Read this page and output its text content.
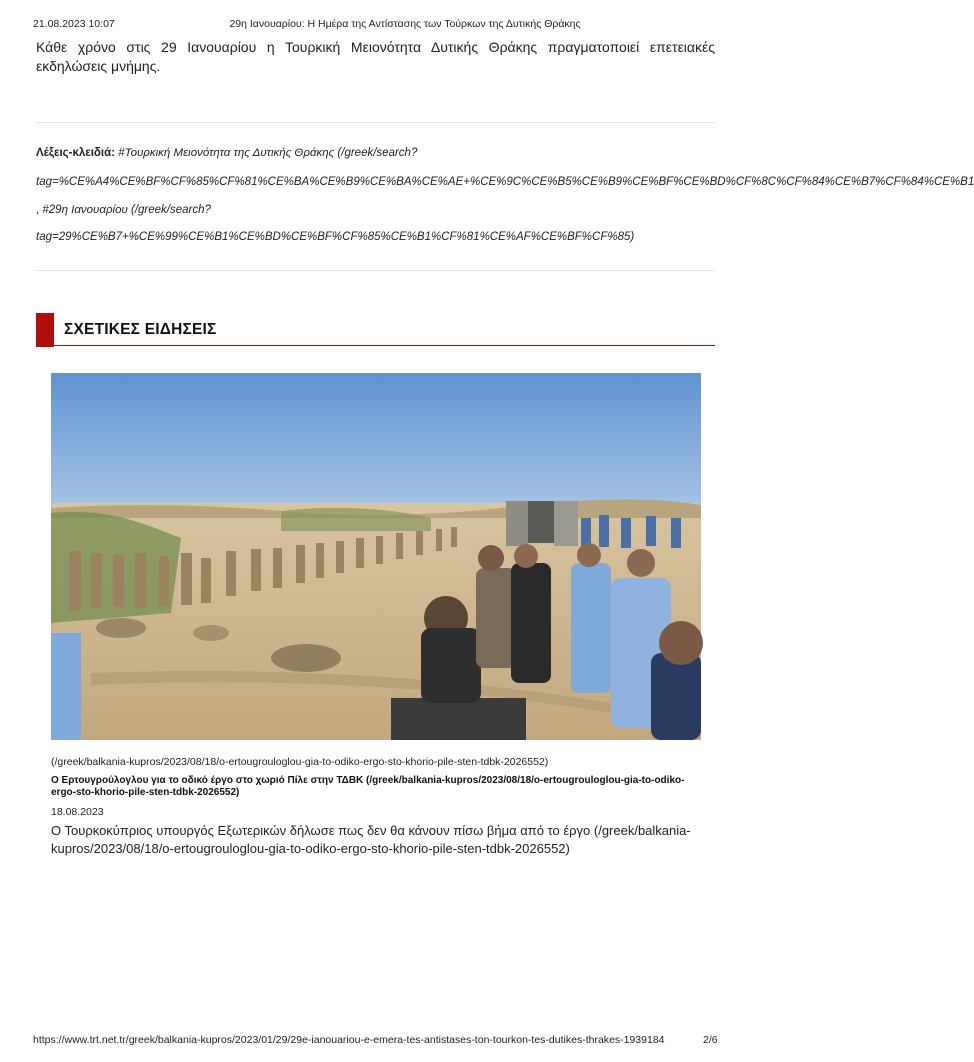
21.08.2023 10:07	29η Ιανουαρίου: Η Ημέρα της Αντίστασης των Τούρκων της Δυτικής Θράκης

Κάθε χρόνο στις 29 Ιανουαρίου η Τουρκική Μειονότητα Δυτικής Θράκης πραγματοποιεί επετειακές εκδηλώσεις μνήμης.

Λέξεις-κλειδιά: #Τουρκική Μειονότητα της Δυτικής Θράκης (/greek/search?
tag=%CE%A4%CE%BF%CF%85%CF%81%CE%BA%CE%B9%CE%BA%CE%AE+%CE%9C%CE%B5%CE%B9%CE%BF%CE%BD%CF%8C%CF%84%CE%B7%CF%84%CE%B1
, #29η Ιανουαρίου (/greek/search?
tag=29%CE%B7+%CE%99%CE%B1%CE%BD%CE%BF%CF%85%CE%B1%CF%81%CE%AF%CE%BF%CF%85)
ΣΧΕΤΙΚΕΣ ΕΙΔΗΣΕΙΣ
(/greek/balkania-kupros/2023/08/18/o-ertougrouloglou-gia-to-odiko-ergo-sto-khorio-pile-sten-tdbk-2026552)
Ο Ερτουγρούλογλου για το οδικό έργο στο χωριό Πίλε στην ΤΔΒΚ (/greek/balkania-kupros/2023/08/18/o-ertougrouloglou-gia-to-odiko-ergo-sto-khorio-pile-sten-tdbk-2026552)
18.08.2023
Ο Τουρκοκύπριος υπουργός Εξωτερικών δήλωσε πως δεν θα κάνουν πίσω βήμα από το έργο (/greek/balkania-kupros/2023/08/18/o-ertougrouloglou-gia-to-odiko-ergo-sto-khorio-pile-sten-tdbk-2026552)
https://www.trt.net.tr/greek/balkania-kupros/2023/01/29/29e-ianouariou-e-emera-tes-antistases-ton-tourkon-tes-dutikes-thrakes-1939184	2/6
